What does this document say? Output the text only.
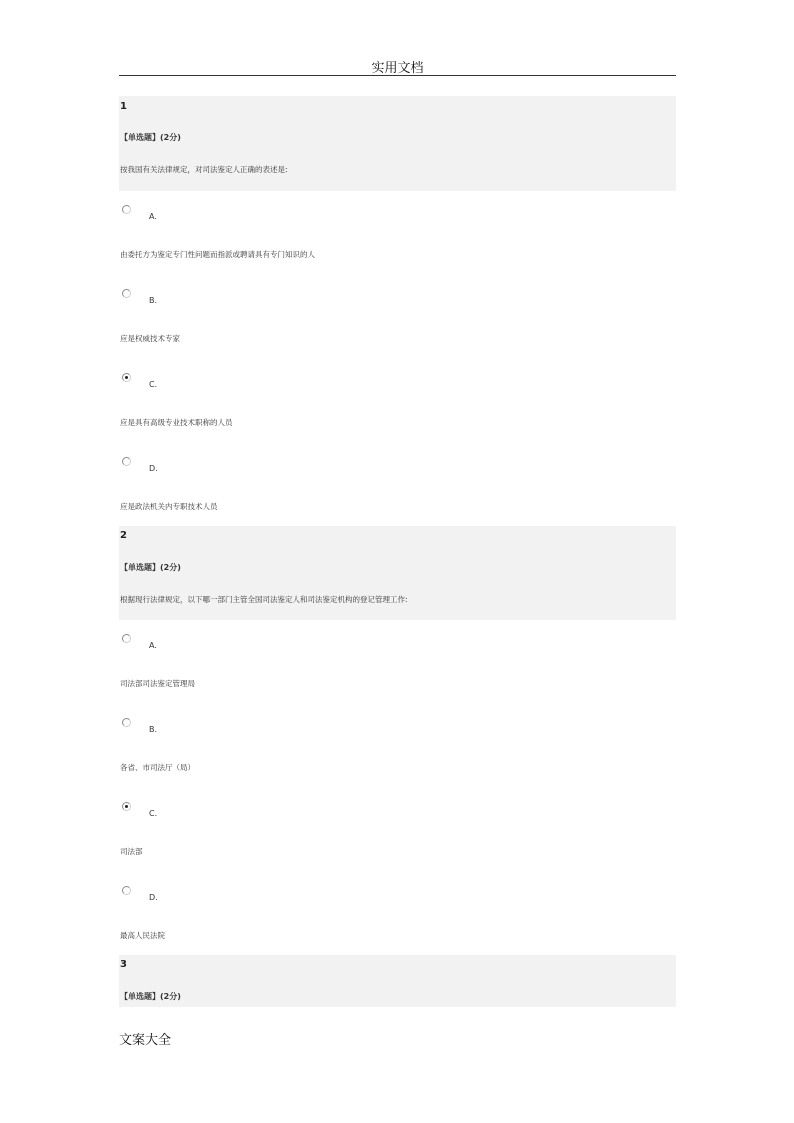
实用文档
1
【单选题】(2分)
按我国有关法律规定，对司法鉴定人正确的表述是:
A.
由委托方为鉴定专门性问题而指派或聘请具有专门知识的人
B.
应是权威技术专家
C.
应是具有高级专业技术职称的人员
D.
应是政法机关内专职技术人员
2
【单选题】(2分)
根据现行法律规定，以下哪一部门主管全国司法鉴定人和司法鉴定机构的登记管理工作:
A.
司法部司法鉴定管理局
B.
各省、市司法厅（局）
C.
司法部
D.
最高人民法院
3
【单选题】(2分)
文案大全
